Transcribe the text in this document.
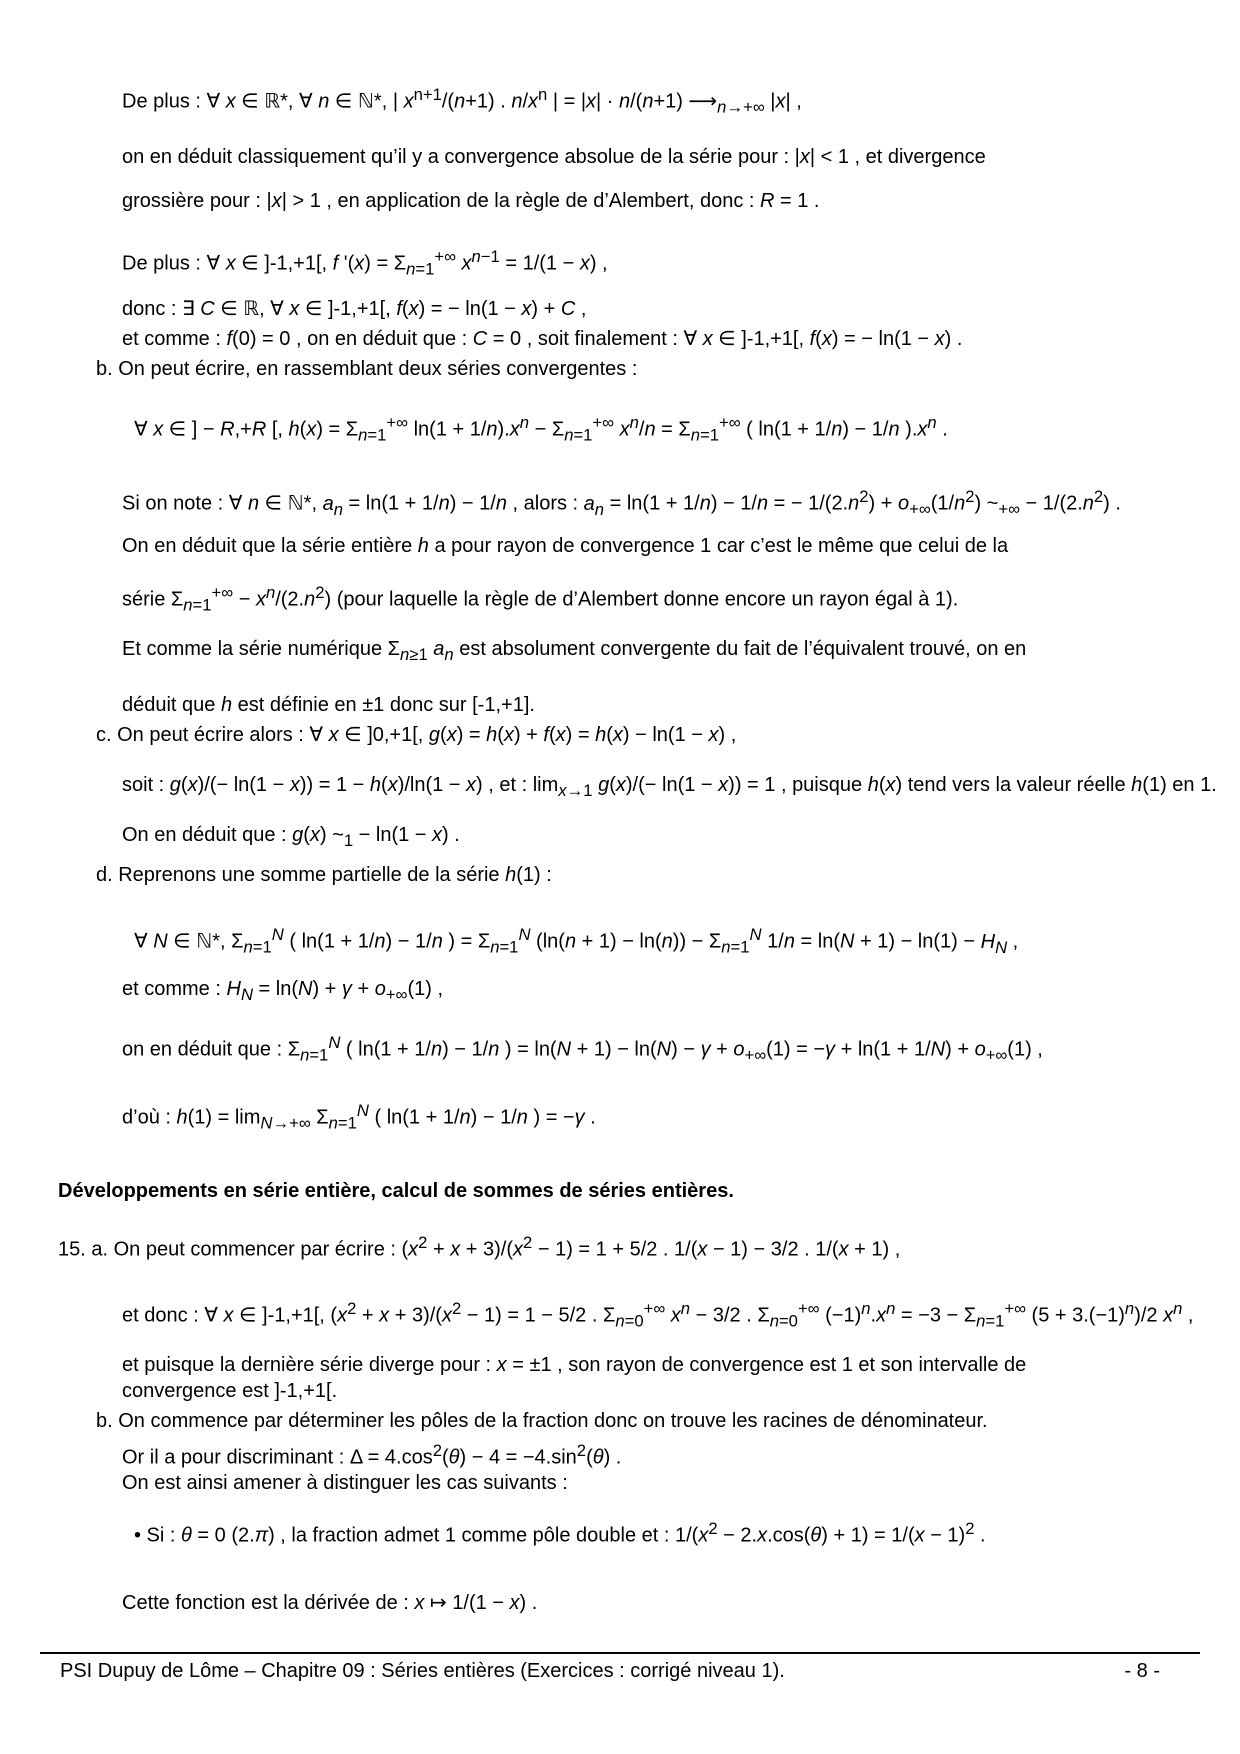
De plus : ∀ x ∈ ℝ*, ∀ n ∈ ℕ*, | $x^{n+1}/(n+1)$ . $n/x^n$ | = |x| · n/(n+1) $⟶_{n\to+\infty}$ |x| ,
on en déduit classiquement qu’il y a convergence absolue de la série pour : |x| < 1 , et divergence
grossière pour : |x| > 1 , en application de la règle de d’Alembert, donc : R = 1 .
De plus : ∀ x ∈ ]-1,+1[, f '$(x) = \Sigma_{n=1}^{+\infty}$ $x^{n-1} = 1/(1 - x)$ ,
donc : ∃ C ∈ ℝ, ∀ x ∈ ]-1,+1[, f(x) = − ln(1 − x) + C ,
et comme : f(0) = 0 , on en déduit que : C = 0 , soit finalement : ∀ x ∈ ]-1,+1[, f(x) = − ln(1 − x) .
b. On peut écrire, en rassemblant deux séries convergentes :
∀ x ∈ ] − R,+R [, $h(x) = \Sigma_{n=1}^{+\infty}$ $\ln(1 + 1/n).x^n - \Sigma_{n=1}^{+\infty}$ $x^n/n = \Sigma_{n=1}^{+\infty}$ ( ln(1 + 1/n) − 1/n )$.x^n$ .
Si on note : ∀ n ∈ ℕ*, $a_n = \ln(1 + 1/n) - 1/n$ , alors : $a_n = \ln(1 + 1/n) - 1/n$ = − $1/(2.n^2) + o_{+\infty}(1/n^2)$ $\sim_{+\infty} - 1/(2.n^2)$ .
On en déduit que la série entière h a pour rayon de convergence 1 car c’est le même que celui de la
série $\Sigma_{n=1}^{+\infty} - x^n/(2.n^2)$ (pour laquelle la règle de d’Alembert donne encore un rayon égal à 1).
Et comme la série numérique $\Sigma_{n\ge 1}$ $a_n$ est absolument convergente du fait de l’équivalent trouvé, on en
déduit que h est définie en ±1 donc sur [-1,+1].
c. On peut écrire alors : ∀ x ∈ ]0,+1[, g(x) = h(x) + f(x) = h(x) − ln(1 − x) ,
soit : g(x)/(− ln(1 − x)) = 1 − h(x)/ln(1 − x) , et : $\lim_{x\to 1} g(x)/(- \ln(1 - x)) = 1$ , puisque h(x) tend vers la valeur réelle h(1) en 1.
On en déduit que : g(x) $\sim_1 - \ln(1 - x)$ .
d. Reprenons une somme partielle de la série h(1) :
∀ N ∈ ℕ*, $\Sigma_{n=1}^N$ ( ln(1 + 1/n) − 1/n ) = $\Sigma_{n=1}^N$ $(\ln(n + 1) - \ln(n)) - \Sigma_{n=1}^N$ $1/n = \ln(N + 1) - \ln(1) - H_N$ ,
et comme : $H_N = \ln(N) + \gamma + o_{+\infty}(1)$ ,
on en déduit que : $\Sigma_{n=1}^N$ ( ln(1 + 1/n) − 1/n ) = $\ln(N + 1) - \ln(N) - \gamma + o_{+\infty}(1) = -\gamma + \ln(1 + 1/N) + o_{+\infty}(1)$ ,
d’où : $h(1) = \lim_{N\to+\infty} \Sigma_{n=1}^N$ ( ln(1 + 1/n) − 1/n ) = −γ .
Développements en série entière, calcul de sommes de séries entières.
15. a. On peut commencer par écrire : $(x^2 + x + 3)/(x^2 - 1) = 1 + 5/2$ . 1/(x − 1) − 3/2 . 1/(x + 1) ,
et donc : ∀ x ∈ ]-1,+1[, $(x^2 + x + 3)/(x^2 - 1) = 1 - 5/2$ . $\Sigma_{n=0}^{+\infty}$ $x^n - 3/2$ . $\Sigma_{n=0}^{+\infty}$ $(-1)^n.x^n = -3 - \Sigma_{n=1}^{+\infty}$ $(5 + 3.(-1)^n)/2$ $x^n$ ,
et puisque la dernière série diverge pour : x = ±1 , son rayon de convergence est 1 et son intervalle de
convergence est ]-1,+1[.
b. On commence par déterminer les pôles de la fraction donc on trouve les racines de dénominateur.
Or il a pour discriminant : $\Delta = 4.\cos^2(\theta) - 4 = -4.\sin^2(\theta)$ .
On est ainsi amener à distinguer les cas suivants :
• Si : θ = 0 (2.π) , la fraction admet 1 comme pôle double et : $1/(x^2 - 2.x.\cos(\theta) + 1) = 1/(x - 1)^2$ .
Cette fonction est la dérivée de : x ↦ 1/(1 − x) .
PSI Dupuy de Lôme – Chapitre 09 : Séries entières (Exercices : corrigé niveau 1).	- 8 -
